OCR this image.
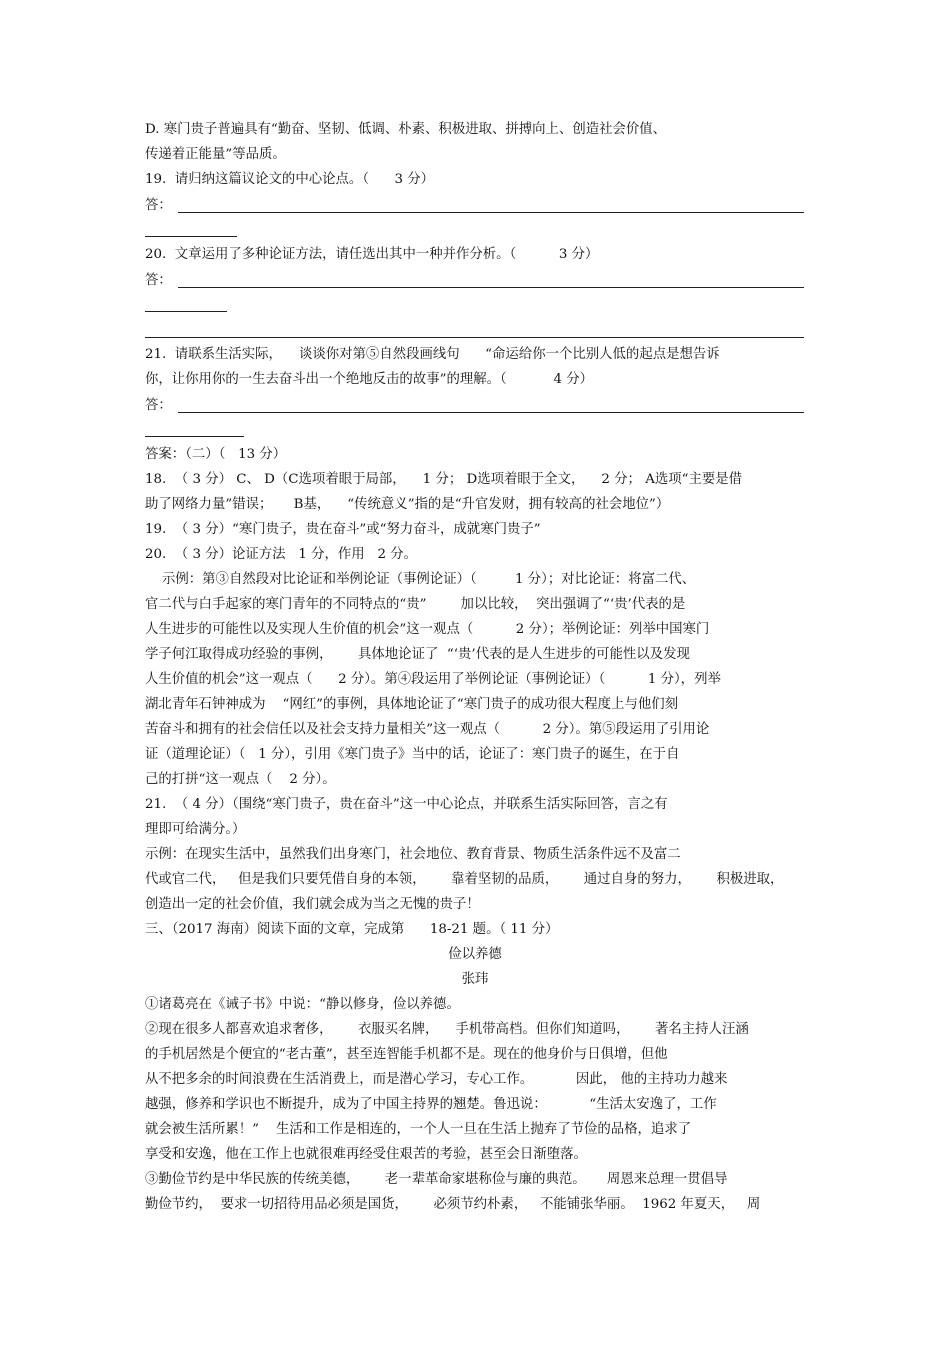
D. 寒门贵子普遍具有“勤奋、坚韧、低调、朴素、积极进取、拼搏向上、创造社会价值、
传递着正能量”等品质。
19.  请归纳这篇议论文的中心论点。（      3 分）
答：
20.  文章运用了多种论证方法，请任选出其中一种并作分析。（          3 分）
答：
21.  请联系生活实际，    谈谈你对第⑤自然段画线句      “命运给你一个比别人低的起点是想告诉
你，让你用你的一生去奋斗出一个绝地反击的故事”的理解。（           4 分）
答：
答案：（二）（   13 分）
18.  （ 3 分） C、 D（C选项着眼于局部，    1 分； D选项着眼于全文，    2 分； A选项“主要是借
助了网络力量”错误；     B基，    “传统意义”指的是“升官发财，拥有较高的社会地位”）
19.  （ 3 分）“寒门贵子，贵在奋斗”或“努力奋斗，成就寒门贵子”
20.  （ 3 分）论证方法   1 分，作用   2 分。
示例：第③自然段对比论证和举例论证（事例论证）（         1 分）；对比论证：将富二代、
官二代与白手起家的寒门青年的不同特点的“贵”        加以比较，  突出强调了“‘贵’代表的是
人生进步的可能性以及实现人生价值的机会”这一观点（          2 分）；举例论证：列举中国寒门
学子何江取得成功经验的事例，      具体地论证了  “‘贵’代表的是人生进步的可能性以及发现
人生价值的机会”这一观点（      2 分）。第④段运用了举例论证（事例论证）（          1 分），列举
湖北青年石钟神成为    “网红”的事例，具体地论证了“寒门贵子的成功很大程度上与他们刻
苦奋斗和拥有的社会信任以及社会支持力量相关”这一观点（          2 分）。第⑤段运用了引用论
证（道理论证）（   1 分），引用《寒门贵子》当中的话，论证了：寒门贵子的诞生，在于自
己的打拼“这一观点（    2 分）。
21.  （ 4 分）（围绕“寒门贵子，贵在奋斗”这一中心论点，并联系生活实际回答，言之有
理即可给满分。）
示例：在现实生活中，虽然我们出身寒门，社会地位、教育背景、物质生活条件远不及富二
代或官二代，   但是我们只要凭借自身的本领，      靠着坚韧的品质，      通过自身的努力，      积极进取，
创造出一定的社会价值，我们就会成为当之无愧的贵子！
三、（2017 海南）阅读下面的文章，完成第      18-21 题。（ 11 分）
俭以养德
张玮
①诸葛亮在《诫子书》中说：“静以修身，俭以养德。
②现在很多人都喜欢追求奢侈，      衣服买名牌，    手机带高档。但你们知道吗，      著名主持人汪涵
的手机居然是个便宜的“老古董”，甚至连智能手机都不是。现在的他身价与日俱增，但他
从不把多余的时间浪费在生活消费上，而是潜心学习，专心工作。          因此， 他的主持功力越来
越强，修养和学识也不断提升，成为了中国主持界的翘楚。鲁迅说：          “生活太安逸了，工作
就会被生活所累！”    生活和工作是相连的，一个人一旦在生活上抛弃了节俭的品格，追求了
享受和安逸，他在工作上也就很难再经受住艰苦的考验，甚至会日渐堕落。
③勤俭节约是中华民族的传统美德，      老一辈革命家堪称俭与廉的典范。     周恩来总理一贯倡导
勤俭节约，  要求一切招待用品必须是国货，      必须节约朴素，   不能铺张华丽。  1962 年夏天，   周
